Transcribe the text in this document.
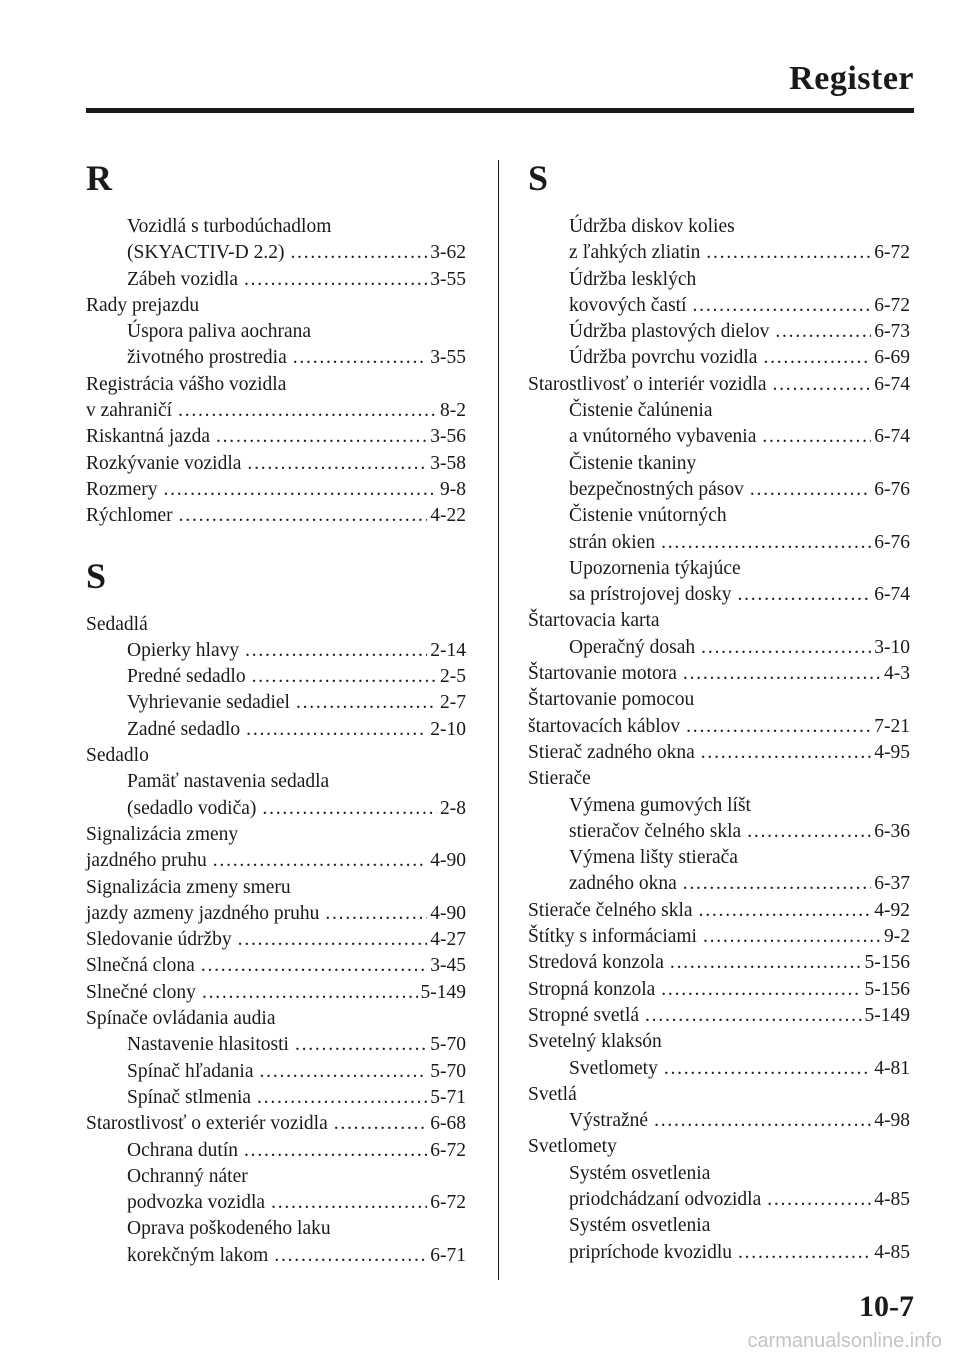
Register
R
Vozidlá s turbodúchadlom
(SKYACTIV-D 2.2) . . .	3-62
Zábeh vozidla . . .	3-55
Rady prejazdu
Úspora paliva aochrana
životného prostredia . . .	3-55
Registrácia vášho vozidla
v zahraničí . . .	8-2
Riskantná jazda . . .	3-56
Rozkývanie vozidla . . .	3-58
Rozmery . . .	9-8
Rýchlomer . . .	4-22
S
Sedadlá
Opierky hlavy . . .	2-14
Predné sedadlo . . .	2-5
Vyhrievanie sedadiel . . .	2-7
Zadné sedadlo . . .	2-10
Sedadlo
Pamäť nastavenia sedadla
(sedadlo vodiča) . . .	2-8
Signalizácia zmeny
jazdného pruhu . . .	4-90
Signalizácia zmeny smeru
jazdy azmeny jazdného pruhu . . .	4-90
Sledovanie údržby . . .	4-27
Slnečná clona . . .	3-45
Slnečné clony . . .	5-149
Spínače ovládania audia
Nastavenie hlasitosti . . .	5-70
Spínač hľadania . . .	5-70
Spínač stlmenia . . .	5-71
Starostlivosť o exteriér vozidla . . .	6-68
Ochrana dutín . . .	6-72
Ochranný náter
podvozka vozidla . . .	6-72
Oprava poškodeného laku
korekčným lakom . . .	6-71
S
Údržba diskov kolies
z ľahkých zliatin . . .	6-72
Údržba lesklých
kovových častí . . .	6-72
Údržba plastových dielov . . .	6-73
Údržba povrchu vozidla . . .	6-69
Starostlivosť o interiér vozidla . . .	6-74
Čistenie čalúnenia
a vnútorného vybavenia . . .	6-74
Čistenie tkaniny
bezpečnostných pásov . . .	6-76
Čistenie vnútorných
strán okien . . .	6-76
Upozornenia týkajúce
sa prístrojovej dosky . . .	6-74
Štartovacia karta
Operačný dosah . . .	3-10
Štartovanie motora . . .	4-3
Štartovanie pomocou
štartovacích káblov . . .	7-21
Stierač zadného okna . . .	4-95
Stierače
Výmena gumových líšt
stieračov čelného skla . . .	6-36
Výmena lišty stierača
zadného okna . . .	6-37
Stierače čelného skla . . .	4-92
Štítky s informáciami . . .	9-2
Stredová konzola . . .	5-156
Stropná konzola . . .	5-156
Stropné svetlá . . .	5-149
Svetelný klaksón
Svetlomety . . .	4-81
Svetlá
Výstražné . . .	4-98
Svetlomety
Systém osvetlenia
priodchádzaní odvozidla . . .	4-85
Systém osvetlenia
pripríchode kvozidlu . . .	4-85
10-7
carmanualsonline.info
